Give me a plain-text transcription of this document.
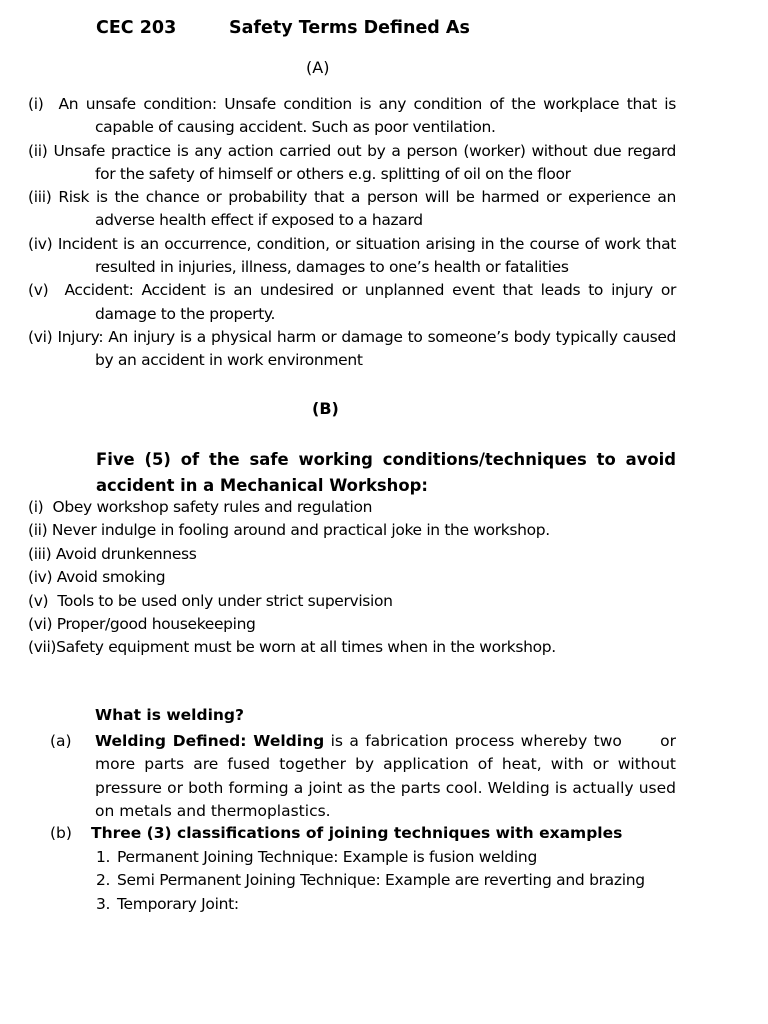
CEC 203	Safety Terms Defined As
(A)
(i) An unsafe condition: Unsafe condition is any condition of the workplace that is capable of causing accident. Such as poor ventilation.
(ii) Unsafe practice is any action carried out by a person (worker) without due regard for the safety of himself or others e.g. splitting of oil on the floor
(iii) Risk is the chance or probability that a person will be harmed or experience an adverse health effect if exposed to a hazard
(iv) Incident is an occurrence, condition, or situation arising in the course of work that resulted in injuries, illness, damages to one’s health or fatalities
(v) Accident: Accident is an undesired or unplanned event that leads to injury or damage to the property.
(vi) Injury: An injury is a physical harm or damage to someone’s body typically caused by an accident in work environment
(B)
Five (5) of the safe working conditions/techniques to avoid accident in a Mechanical Workshop:
(i) Obey workshop safety rules and regulation
(ii) Never indulge in fooling around and practical joke in the workshop.
(iii) Avoid drunkenness
(iv) Avoid smoking
(v) Tools to be used only under strict supervision
(vi) Proper/good housekeeping
(vii)Safety equipment must be worn at all times when in the workshop.
What is welding?
(a) Welding Defined: Welding is a fabrication process whereby two      or more parts are fused together by application of heat, with or without pressure or both forming a joint as the parts cool. Welding is actually used on metals and thermoplastics.
(b) Three (3) classifications of joining techniques with examples
1. Permanent Joining Technique: Example is fusion welding
2. Semi Permanent Joining Technique: Example are reverting and brazing
3. Temporary Joint:
